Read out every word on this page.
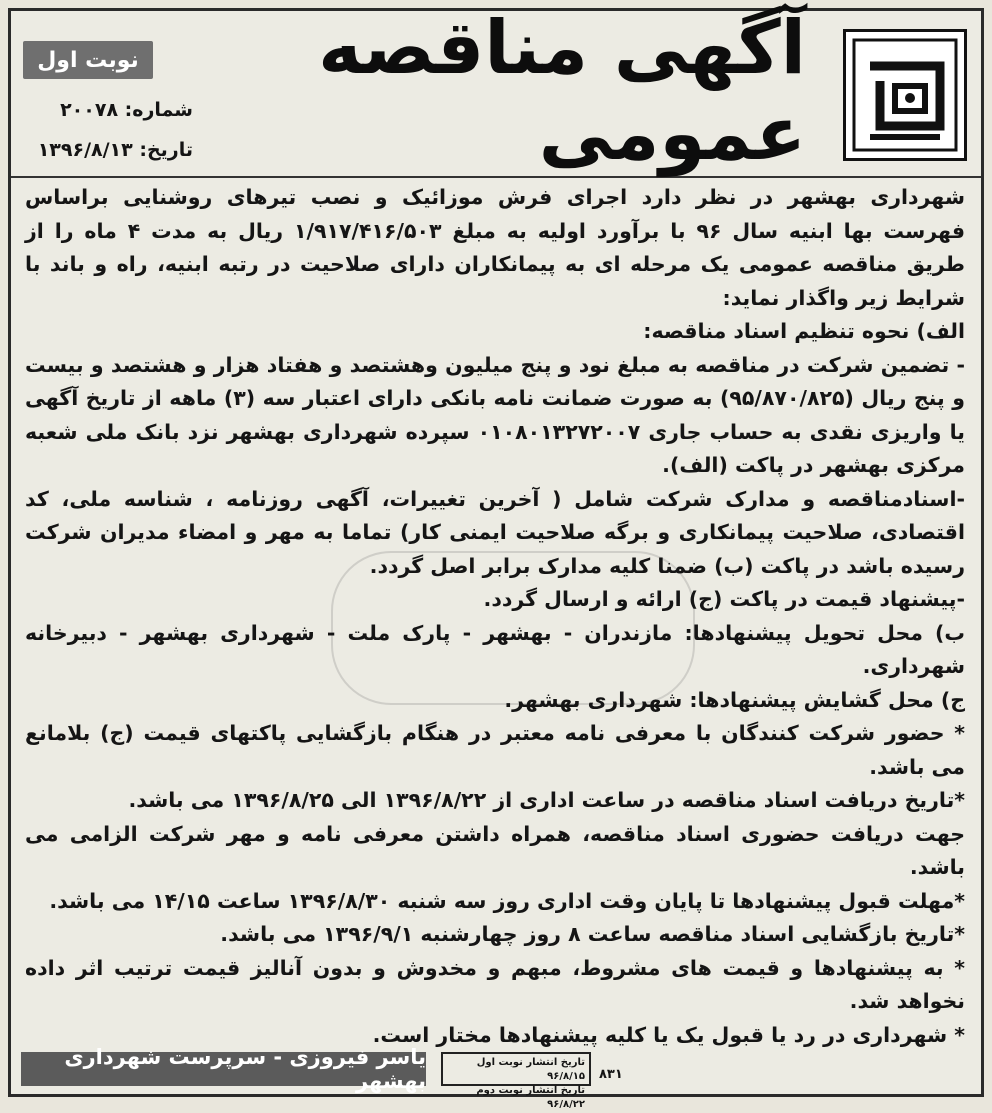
آگهی مناقصه عمومی
نوبت اول
شماره: ۲۰۰۷۸
تاریخ: ۱۳۹۶/۸/۱۳

شهرداری بهشهر در نظر دارد اجرای فرش موزائیک و نصب تیرهای روشنایی براساس فهرست بها ابنیه سال ۹۶ با برآورد اولیه به مبلغ ۱/۹۱۷/۴۱۶/۵۰۳ ریال به مدت ۴ ماه را از طریق مناقصه عمومی یک مرحله ای به پیمانکاران دارای صلاحیت در رتبه ابنیه، راه و باند با شرایط زیر واگذار نماید:

الف) نحوه تنظیم اسناد مناقصه:

- تضمین شرکت در مناقصه به مبلغ نود و پنج میلیون وهشتصد و هفتاد هزار و هشتصد و بیست و پنج ریال (۹۵/۸۷۰/۸۲۵) به صورت ضمانت نامه بانکی دارای اعتبار سه (۳) ماهه از تاریخ آگهی یا واریزی نقدی به حساب جاری ۰۱۰۸۰۱۳۲۷۲۰۰۷ سپرده شهرداری بهشهر نزد بانک ملی شعبه مرکزی بهشهر در پاکت (الف).

-اسنادمناقصه و مدارک شرکت شامل ( آخرین تغییرات، آگهی روزنامه ، شناسه ملی، کد اقتصادی، صلاحیت پیمانکاری و برگه صلاحیت ایمنی کار) تماما به مهر و امضاء مدیران شرکت رسیده باشد در پاکت (ب) ضمنا کلیه مدارک برابر اصل گردد.

-پیشنهاد قیمت در پاکت (ج) ارائه و ارسال گردد.

ب) محل تحویل پیشنهادها: مازندران - بهشهر - پارک ملت - شهرداری بهشهر - دبیرخانه شهرداری.

ج) محل گشایش پیشنهادها: شهرداری بهشهر.

* حضور شرکت کنندگان با معرفی نامه معتبر در هنگام بازگشایی پاکتهای قیمت (ج) بلامانع می باشد.

*تاریخ دریافت اسناد مناقصه در ساعت اداری از ۱۳۹۶/۸/۲۲ الی ۱۳۹۶/۸/۲۵ می باشد.

جهت دریافت حضوری اسناد مناقصه، همراه داشتن معرفی نامه و مهر شرکت الزامی می باشد.

*مهلت قبول پیشنهادها تا پایان وقت اداری روز سه شنبه ۱۳۹۶/۸/۳۰ ساعت ۱۴/۱۵ می باشد.

*تاریخ بازگشایی اسناد مناقصه ساعت ۸ روز چهارشنبه ۱۳۹۶/۹/۱ می باشد.

* به پیشنهادها و قیمت های مشروط، مبهم و مخدوش و بدون آنالیز قیمت ترتیب اثر داده نخواهد شد.

* شهرداری در رد یا قبول یک یا کلیه پیشنهادها مختار است.

یاسر فیروزی - سرپرست شهرداری بهشهر
تاریخ انتشار نوبت اول ۹۶/۸/۱۵
تاریخ انتشار نوبت دوم ۹۶/۸/۲۲
۸۳۱
